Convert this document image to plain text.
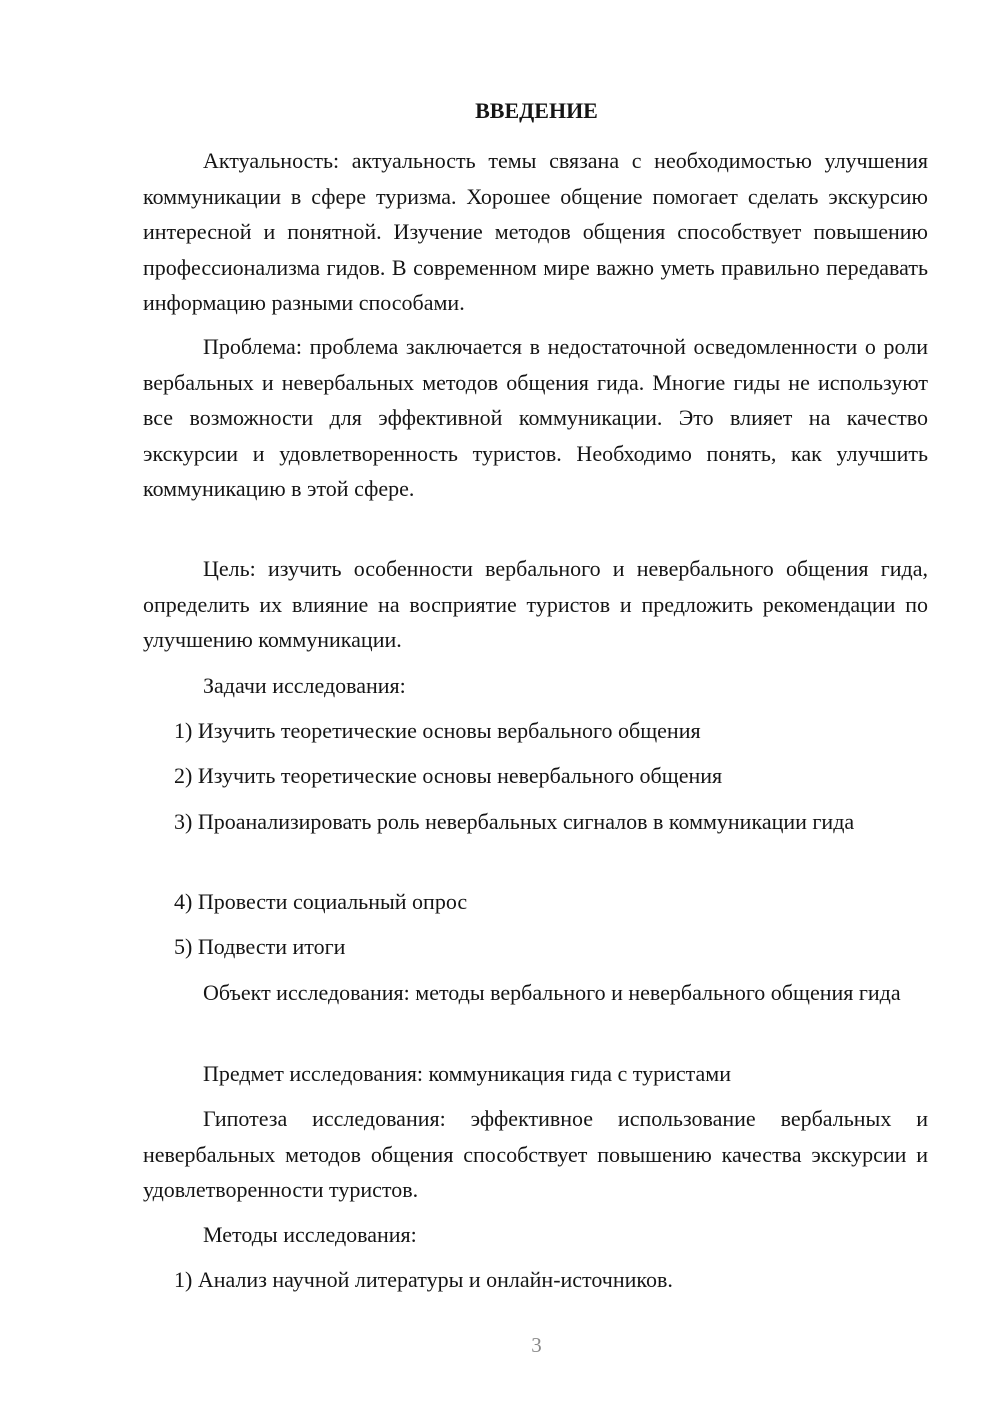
ВВЕДЕНИЕ

Актуальность: актуальность темы связана с необходимостью улучшения коммуникации в сфере туризма. Хорошее общение помогает сделать экскурсию интересной и понятной. Изучение методов общения способствует повышению профессионализма гидов. В современном мире важно уметь правильно передавать информацию разными способами.

Проблема: проблема заключается в недостаточной осведомленности о роли вербальных и невербальных методов общения гида. Многие гиды не используют все возможности для эффективной коммуникации. Это влияет на качество экскурсии и удовлетворенность туристов. Необходимо понять, как улучшить коммуникацию в этой сфере.

Цель: изучить особенности вербального и невербального общения гида, определить их влияние на восприятие туристов и предложить рекомендации по улучшению коммуникации.

Задачи исследования:

1) Изучить теоретические основы вербального общения

2) Изучить теоретические основы невербального общения

3) Проанализировать роль невербальных сигналов в коммуникации гида

4) Провести социальный опрос

5) Подвести итоги

Объект исследования: методы вербального и невербального общения гида

Предмет исследования: коммуникация гида с туристами

Гипотеза исследования: эффективное использование вербальных и невербальных методов общения способствует повышению качества экскурсии и удовлетворенности туристов.

Методы исследования:

1) Анализ научной литературы и онлайн-источников.

3
